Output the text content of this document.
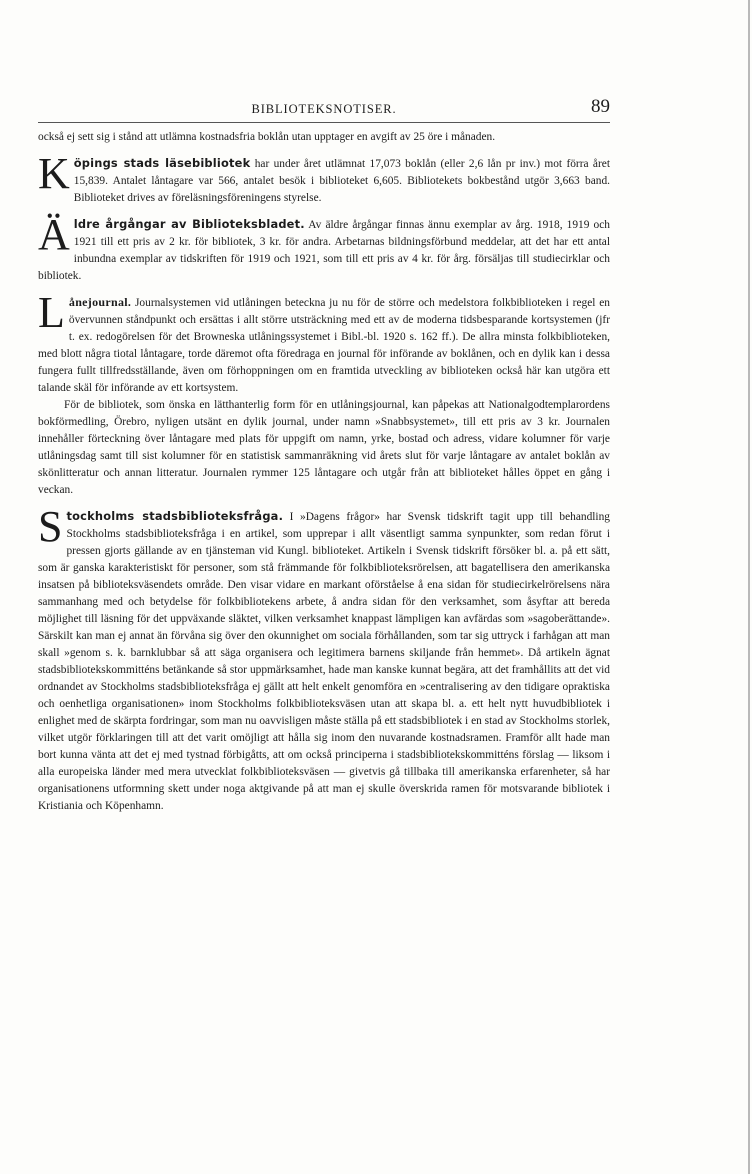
BIBLIOTEKSNOTISER.	89

också ej sett sig i stånd att utlämna kostnadsfria boklån utan upptager en avgift av 25 öre i månaden.

Köpings stads läsebibliotek har under året utlämnat 17,073 boklån (eller 2,6 lån pr inv.) mot förra året 15,839. Antalet låntagare var 566, antalet besök i biblioteket 6,605. Bibliotekets bokbestånd utgör 3,663 band. Biblioteket drives av föreläsningsföreningens styrelse.

Äldre årgångar av Biblioteksbladet. Av äldre årgångar finnas ännu exemplar av årg. 1918, 1919 och 1921 till ett pris av 2 kr. för bibliotek, 3 kr. för andra. Arbetarnas bildningsförbund meddelar, att det har ett antal inbundna exemplar av tidskriften för 1919 och 1921, som till ett pris av 4 kr. för årg. försäljas till studiecirklar och bibliotek.

Lånejournal. Journalsystemen vid utlåningen beteckna ju nu för de större och medelstora folkbiblioteken i regel en övervunnen ståndpunkt och ersättas i allt större utsträckning med ett av de moderna tidsbesparande kortsystemen (jfr t. ex. redogörelsen för det Browneska utlåningssystemet i Bibl.-bl. 1920 s. 162 ff.). De allra minsta folkbiblioteken, med blott några tiotal låntagare, torde däremot ofta föredraga en journal för införande av boklånen, och en dylik kan i dessa fungera fullt tillfredsställande, även om förhoppningen om en framtida utveckling av biblioteken också här kan utgöra ett talande skäl för införande av ett kortsystem.

För de bibliotek, som önska en lätthanterlig form för en utlåningsjournal, kan påpekas att Nationalgodtemplarordens bokförmedling, Örebro, nyligen utsänt en dylik journal, under namn »Snabbsystemet», till ett pris av 3 kr. Journalen innehåller förteckning över låntagare med plats för uppgift om namn, yrke, bostad och adress, vidare kolumner för varje utlåningsdag samt till sist kolumner för en statistisk sammanräkning vid årets slut för varje låntagare av antalet boklån av skönlitteratur och annan litteratur. Journalen rymmer 125 låntagare och utgår från att biblioteket hålles öppet en gång i veckan.

Stockholms stadsbiblioteksfråga. I »Dagens frågor» har Svensk tidskrift tagit upp till behandling Stockholms stadsbiblioteksfråga i en artikel, som upprepar i allt väsentligt samma synpunkter, som redan förut i pressen gjorts gällande av en tjänsteman vid Kungl. biblioteket. Artikeln i Svensk tidskrift försöker bl. a. på ett sätt, som är ganska karakteristiskt för personer, som stå främmande för folkbiblioteksrörelsen, att bagatellisera den amerikanska insatsen på biblioteksväsendets område. Den visar vidare en markant oförståelse å ena sidan för studiecirkelrörelsens nära sammanhang med och betydelse för folkbibliotekens arbete, å andra sidan för den verksamhet, som åsyftar att bereda möjlighet till läsning för det uppväxande släktet, vilken verksamhet knappast lämpligen kan avfärdas som »sagoberättande». Särskilt kan man ej annat än förvåna sig över den okunnighet om sociala förhållanden, som tar sig uttryck i farhågan att man skall »genom s. k. barnklubbar så att säga organisera och legitimera barnens skiljande från hemmet». Då artikeln ägnat stadsbibliotekskommitténs betänkande så stor uppmärksamhet, hade man kanske kunnat begära, att det framhållits att det vid ordnandet av Stockholms stadsbiblioteksfråga ej gällt att helt enkelt genomföra en »centralisering av den tidigare opraktiska och oenhetliga organisationen» inom Stockholms folkbiblioteksväsen utan att skapa bl. a. ett helt nytt huvudbibliotek i enlighet med de skärpta fordringar, som man nu oavvisligen måste ställa på ett stadsbibliotek i en stad av Stockholms storlek, vilket utgör förklaringen till att det varit omöjligt att hålla sig inom den nuvarande kostnadsramen. Framför allt hade man bort kunna vänta att det ej med tystnad förbigåtts, att om också principerna i stadsbibliotekskommitténs förslag — liksom i alla europeiska länder med mera utvecklat folkbiblioteksväsen — givetvis gå tillbaka till amerikanska erfarenheter, så har organisationens utformning skett under noga aktgivande på att man ej skulle överskrida ramen för motsvarande bibliotek i Kristiania och Köpenhamn.
